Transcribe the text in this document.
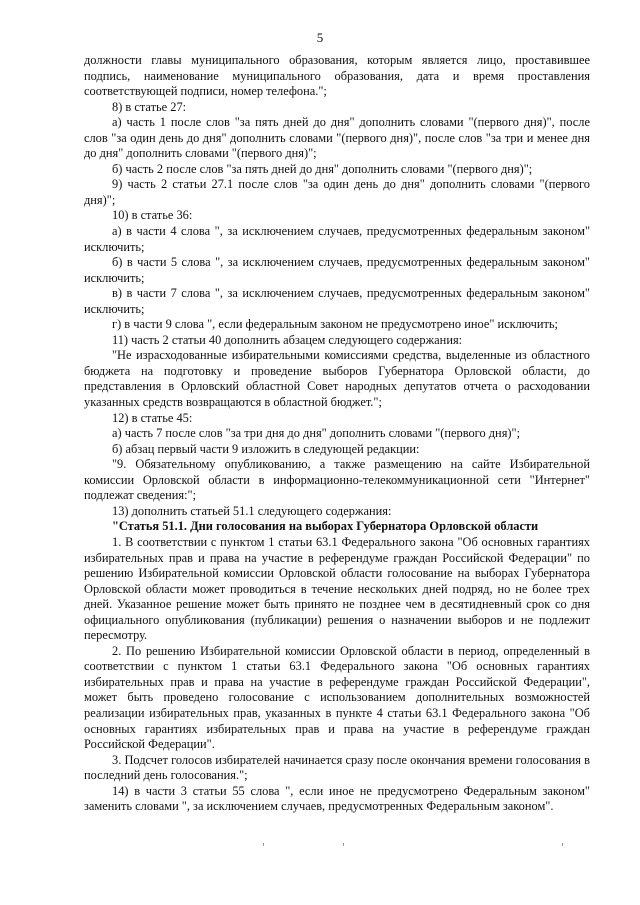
5

должности главы муниципального образования, которым является лицо, проставившее подпись, наименование муниципального образования, дата и время проставления соответствующей подписи, номер телефона.";

8) в статье 27:

а) часть 1 после слов "за пять дней до дня" дополнить словами "(первого дня)", после слов "за один день до дня" дополнить словами "(первого дня)", после слов "за три и менее дня до дня" дополнить словами "(первого дня)";

б) часть 2 после слов "за пять дней до дня" дополнить словами "(первого дня)";

9) часть 2 статьи 27.1 после слов "за один день до дня" дополнить словами "(первого дня)";

10) в статье 36:

а) в части 4 слова ", за исключением случаев, предусмотренных федеральным законом" исключить;

б) в части 5 слова ", за исключением случаев, предусмотренных федеральным законом" исключить;

в) в части 7 слова ", за исключением случаев, предусмотренных федеральным законом" исключить;

г) в части 9 слова ", если федеральным законом не предусмотрено иное" исключить;

11) часть 2 статьи 40 дополнить абзацем следующего содержания:

"Не израсходованные избирательными комиссиями средства, выделенные из областного бюджета на подготовку и проведение выборов Губернатора Орловской области, до представления в Орловский областной Совет народных депутатов отчета о расходовании указанных средств возвращаются в областной бюджет.";

12) в статье 45:

а) часть 7 после слов "за три дня до дня" дополнить словами "(первого дня)";

б) абзац первый части 9 изложить в следующей редакции:

"9. Обязательному опубликованию, а также размещению на сайте Избирательной комиссии Орловской области в информационно-телекоммуникационной сети "Интернет" подлежат сведения:";

13) дополнить статьей 51.1 следующего содержания:

"Статья 51.1. Дни голосования на выборах Губернатора Орловской области

1. В соответствии с пунктом 1 статьи 63.1 Федерального закона "Об основных гарантиях избирательных прав и права на участие в референдуме граждан Российской Федерации" по решению Избирательной комиссии Орловской области голосование на выборах Губернатора Орловской области может проводиться в течение нескольких дней подряд, но не более трех дней. Указанное решение может быть принято не позднее чем в десятидневный срок со дня официального опубликования (публикации) решения о назначении выборов и не подлежит пересмотру.

2. По решению Избирательной комиссии Орловской области в период, определенный в соответствии с пунктом 1 статьи 63.1 Федерального закона "Об основных гарантиях избирательных прав и права на участие в референдуме граждан Российской Федерации", может быть проведено голосование с использованием дополнительных возможностей реализации избирательных прав, указанных в пункте 4 статьи 63.1 Федерального закона "Об основных гарантиях избирательных прав и права на участие в референдуме граждан Российской Федерации".

3. Подсчет голосов избирателей начинается сразу после окончания времени голосования в последний день голосования.";

14) в части 3 статьи 55 слова ", если иное не предусмотрено Федеральным законом" заменить словами ", за исключением случаев, предусмотренных Федеральным законом".
